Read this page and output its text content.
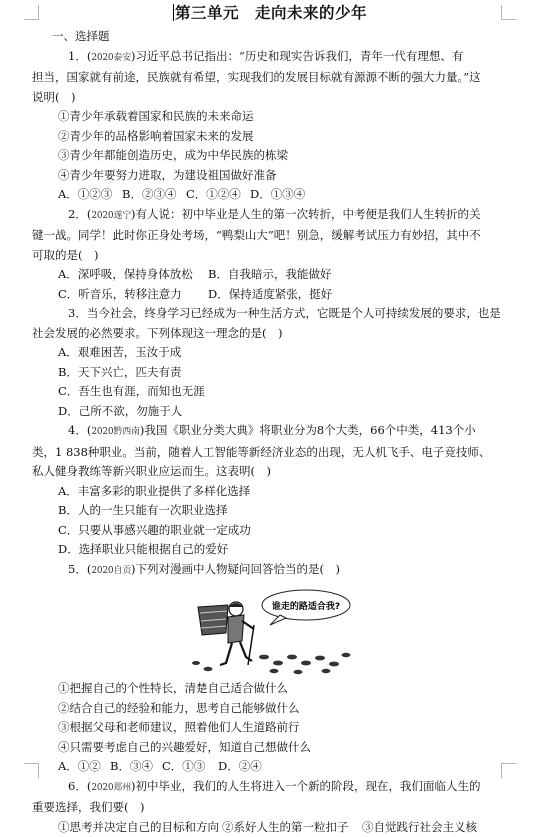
第三单元　走向未来的少年
一、选择题
1．(2020泰安)习近平总书记指出：“历史和现实告诉我们，青年一代有理想、有
担当，国家就有前途，民族就有希望，实现我们的发展目标就有源源不断的强大力量。”这
说明(　)
①青少年承载着国家和民族的未来命运
②青少年的品格影响着国家未来的发展
③青少年都能创造历史，成为中华民族的栋梁
④青少年要努力进取，为建设祖国做好准备
A．①②③ B．②③④ C．①②④ D．①③④
2．(2020遂宁)有人说：初中毕业是人生的第一次转折，中考便是我们人生转折的关
键一战。同学！此时你正身处考场，“鸭梨山大”吧！别急，缓解考试压力有妙招，其中不
可取的是(　)
A．深呼吸，保持身体放松 B．自我暗示，我能做好
C．听音乐，转移注意力 D．保持适度紧张，挺好
3．当今社会，终身学习已经成为一种生活方式，它既是个人可持续发展的要求，也是
社会发展的必然要求。下列体现这一理念的是(　)
A．艰难困苦，玉汝于成
B．天下兴亡，匹夫有责
C．吾生也有涯，而知也无涯
D．己所不欲，勿施于人
4．(2020黔西南)我国《职业分类大典》将职业分为8个大类，66个中类，413个小
类，1 838种职业。当前，随着人工智能等新经济业态的出现，无人机飞手、电子竞技师、
私人健身教练等新兴职业应运而生。这表明(　)
A．丰富多彩的职业提供了多样化选择
B．人的一生只能有一次职业选择
C．只要从事感兴趣的职业就一定成功
D．选择职业只能根据自己的爱好
5．(2020自贡)下列对漫画中人物疑问回答恰当的是(　)
谁走的路适合我?
①把握自己的个性特长，清楚自己适合做什么
②结合自己的经验和能力，思考自己能够做什么
③根据父母和老师建议，照着他们人生道路前行
④只需要考虑自己的兴趣爱好，知道自己想做什么
A．①② B．③④ C．①③ D．②④
6．(2020郑州)初中毕业，我们的人生将进入一个新的阶段，现在，我们面临人生的
重要选择，我们要(　)
①思考并决定自己的目标和方向 ②系好人生的第一粒扣子 ③自觉践行社会主义核
